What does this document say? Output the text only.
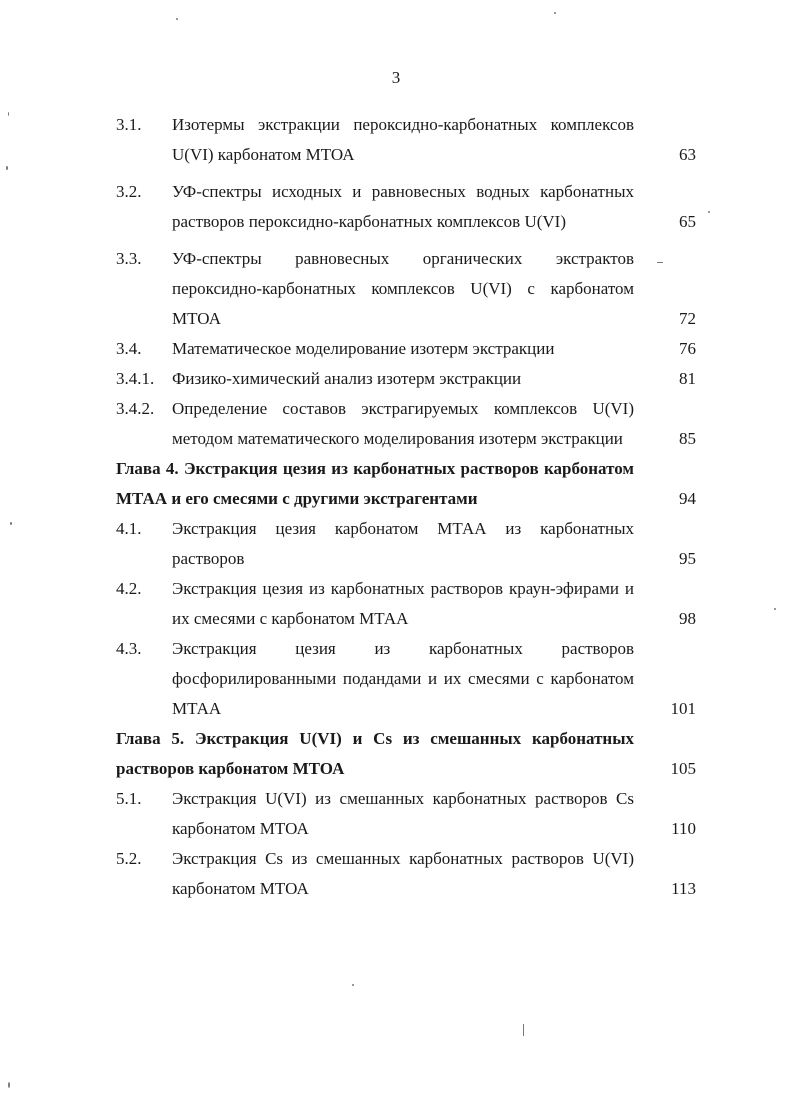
3
3.1. Изотермы экстракции пероксидно-карбонатных комплексов U(VI) карбонатом МТОА	63
3.2. УФ-спектры исходных и равновесных водных карбонатных растворов пероксидно-карбонатных комплексов U(VI)	65
3.3. УФ-спектры равновесных органических экстрактов пероксидно-карбонатных комплексов U(VI) с карбонатом МТОА	72
3.4. Математическое моделирование изотерм экстракции	76
3.4.1. Физико-химический анализ изотерм экстракции	81
3.4.2. Определение составов экстрагируемых комплексов U(VI) методом математического моделирования изотерм экстракции	85
Глава 4. Экстракция цезия из карбонатных растворов карбонатом МТАА и его смесями с другими экстрагентами	94
4.1. Экстракция цезия карбонатом МТАА из карбонатных растворов	95
4.2. Экстракция цезия из карбонатных растворов краун-эфирами и их смесями с карбонатом МТАА	98
4.3. Экстракция цезия из карбонатных растворов фосфорилированными подандами и их смесями с карбонатом МТАА	101
Глава 5. Экстракция U(VI) и Cs из смешанных карбонатных растворов карбонатом МТОА	105
5.1. Экстракция U(VI) из смешанных карбонатных растворов Cs карбонатом МТОА	110
5.2. Экстракция Cs из смешанных карбонатных растворов U(VI) карбонатом МТОА	113
